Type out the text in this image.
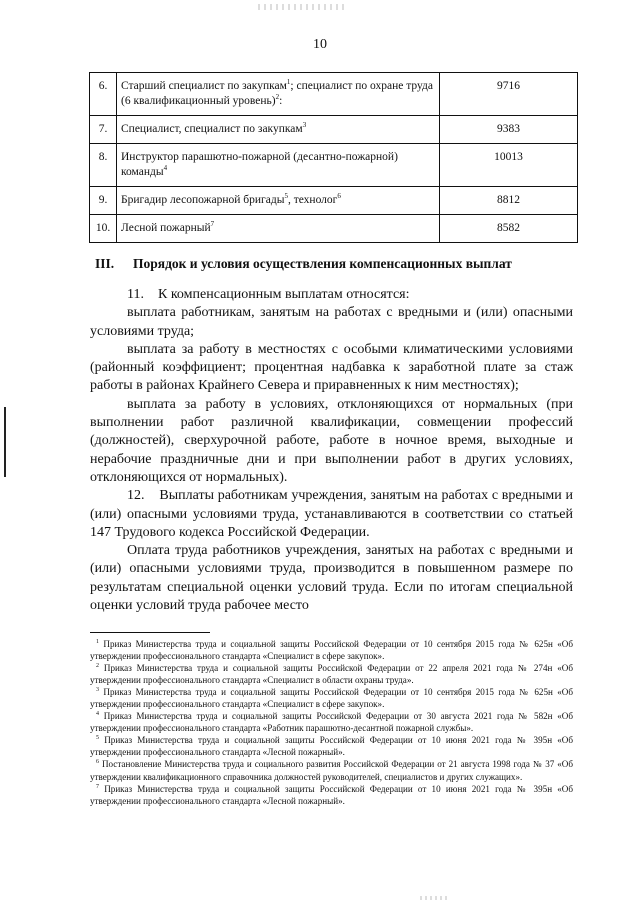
10
6.	Старший специалист по закупкам$^1$; специалист по охране труда (6 квалификационный уровень)$^2$:	9716
7.	Специалист, специалист по закупкам$^3$	9383
8.	Инструктор парашютно-пожарной (десантно-пожарной) команды$^4$	10013
9.	Бригадир лесопожарной бригады$^5$, технолог$^6$	8812
10.	Лесной пожарный$^7$	8582
III. Порядок и условия осуществления компенсационных выплат

11.    К компенсационным выплатам относятся:

выплата работникам, занятым на работах с вредными и (или) опасными условиями труда;

выплата за работу в местностях с особыми климатическими условиями (районный коэффициент; процентная надбавка к заработной плате за стаж работы в районах Крайнего Севера и приравненных к ним местностях);

выплата за работу в условиях, отклоняющихся от нормальных (при выполнении работ различной квалификации, совмещении профессий (должностей), сверхурочной работе, работе в ночное время, выходные и нерабочие праздничные дни и при выполнении работ в других условиях, отклоняющихся от нормальных).

12.    Выплаты работникам учреждения, занятым на работах с вредными и (или) опасными условиями труда, устанавливаются в соответствии со статьей 147 Трудового кодекса Российской Федерации.

Оплата труда работников учреждения, занятых на работах с вредными и (или) опасными условиями труда, производится в повышенном размере по результатам специальной оценки условий труда. Если по итогам специальной оценки условий труда рабочее место

$^1$ Приказ Министерства труда и социальной защиты Российской Федерации от 10 сентября 2015 года № 625н «Об утверждении профессионального стандарта «Специалист в сфере закупок».

$^2$ Приказ Министерства труда и социальной защиты Российской Федерации от 22 апреля 2021 года № 274н «Об утверждении профессионального стандарта «Специалист в области охраны труда».

$^3$ Приказ Министерства труда и социальной защиты Российской Федерации от 10 сентября 2015 года № 625н «Об утверждении профессионального стандарта «Специалист в сфере закупок».

$^4$ Приказ Министерства труда и социальной защиты Российской Федерации от 30 августа 2021 года № 582н «Об утверждении профессионального стандарта «Работник парашютно-десантной пожарной службы».

$^5$ Приказ Министерства труда и социальной защиты Российской Федерации от 10 июня 2021 года № 395н «Об утверждении профессионального стандарта «Лесной пожарный».

$^6$ Постановление Министерства труда и социального развития Российской Федерации от 21 августа 1998 года № 37 «Об утверждении квалификационного справочника должностей руководителей, специалистов и других служащих».

$^7$ Приказ Министерства труда и социальной защиты Российской Федерации от 10 июня 2021 года № 395н «Об утверждении профессионального стандарта «Лесной пожарный».
